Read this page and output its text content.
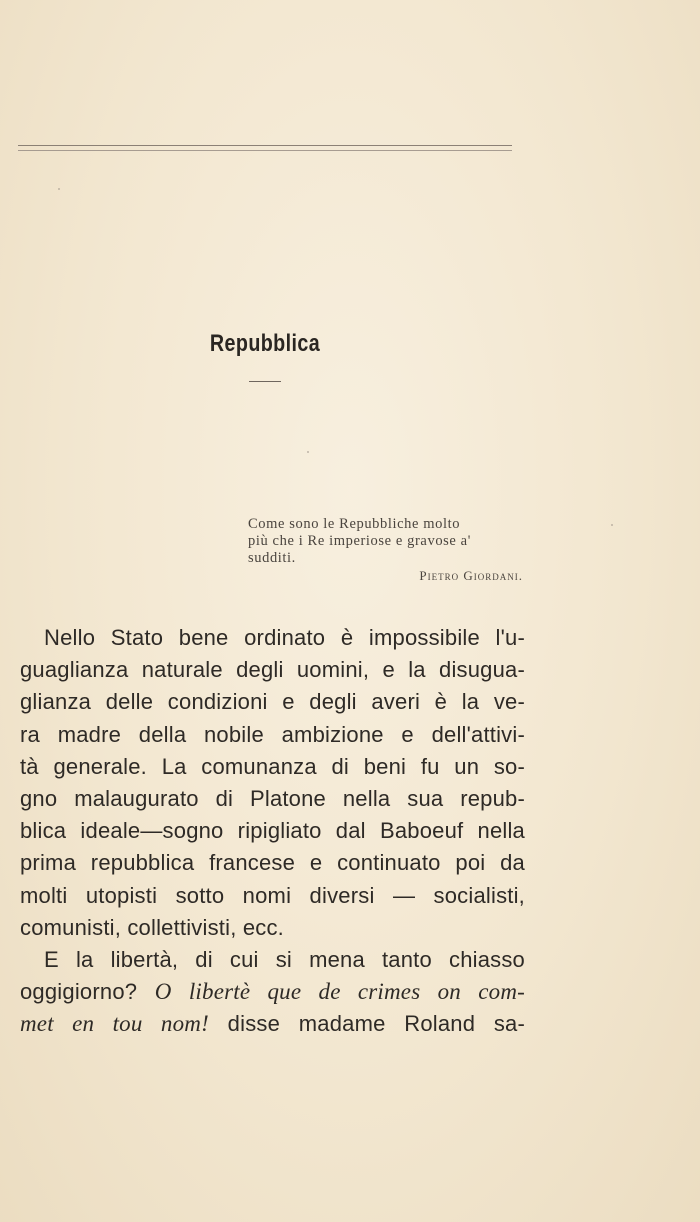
Repubblica
Come sono le Repubbliche molto
più che i Re imperiose e gravose a'
sudditi.
Pietro Giordani.
Nello Stato bene ordinato è impossibile l'u-
guaglianza naturale degli uomini, e la disugua-
glianza delle condizioni e degli averi è la ve-
ra madre della nobile ambizione e dell'attivi-
tà generale. La comunanza di beni fu un so-
gno malaugurato di Platone nella sua repub-
blica ideale—sogno ripigliato dal Baboeuf nella
prima repubblica francese e continuato poi da
molti utopisti sotto nomi diversi — socialisti,
comunisti, collettivisti, ecc.
E la libertà, di cui si mena tanto chiasso
oggigiorno? O libertè que de crimes on com-
met en tou nom! disse madame Roland sa-
